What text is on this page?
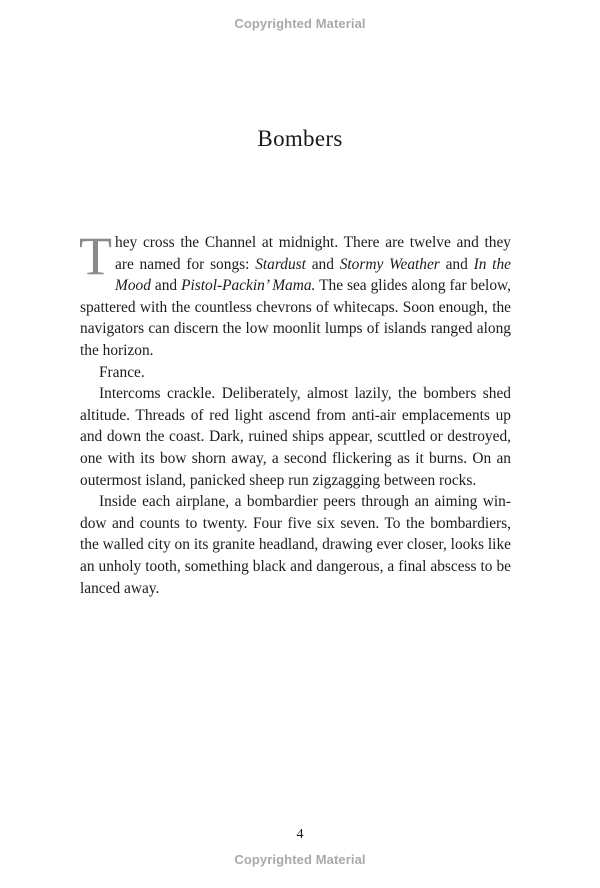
Copyrighted Material
Bombers

They cross the Channel at midnight. There are twelve and they are named for songs: Stardust and Stormy Weather and In the Mood and Pistol-Packin’ Mama. The sea glides along far below, spattered with the countless chevrons of whitecaps. Soon enough, the navigators can discern the low moonlit lumps of islands ranged along the horizon.

France.

Intercoms crackle. Deliberately, almost lazily, the bombers shed altitude. Threads of red light ascend from anti-air emplacements up and down the coast. Dark, ruined ships appear, scuttled or destroyed, one with its bow shorn away, a second flickering as it burns. On an outermost island, panicked sheep run zigzagging between rocks.

Inside each airplane, a bombardier peers through an aiming window and counts to twenty. Four five six seven. To the bombardiers, the walled city on its granite headland, drawing ever closer, looks like an unholy tooth, something black and dangerous, a final abscess to be lanced away.

4
Copyrighted Material
